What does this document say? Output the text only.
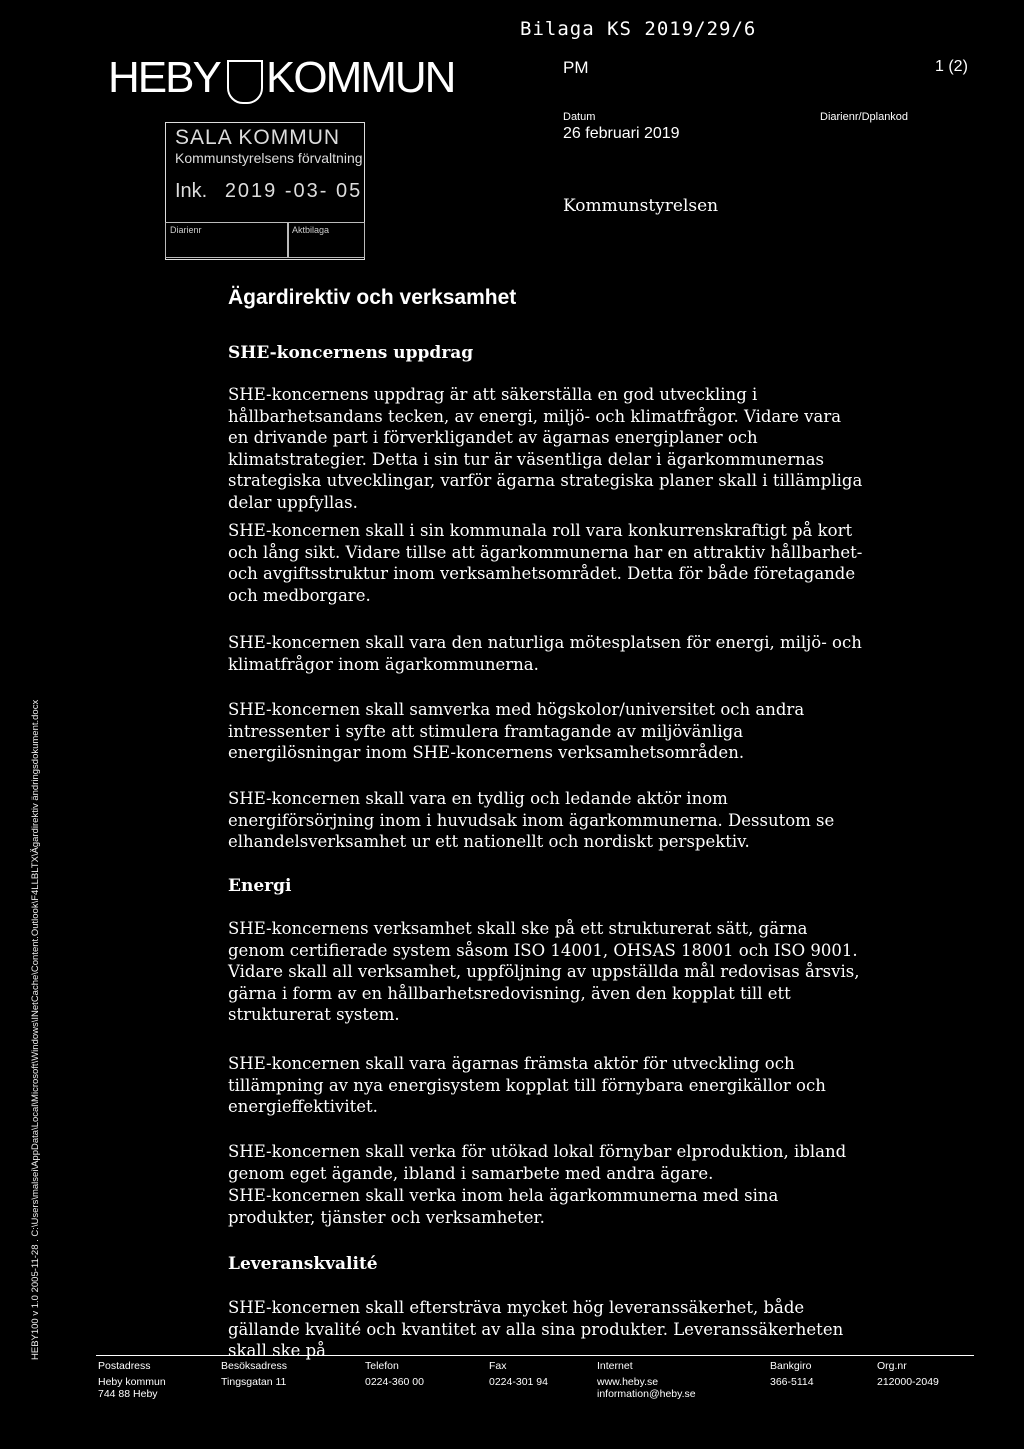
Bilaga KS 2019/29/6
HEBY KOMMUN
SALA KOMMUN
Kommunstyrelsens förvaltning
Ink. 2019 -03- 05
Diarienr	Aktbilaga
PM	1 (2)
Datum
26 februari 2019
Diarienr/Dplankod
Kommunstyrelsen
Ägardirektiv och verksamhet
SHE-koncernens uppdrag

SHE-koncernens uppdrag är att säkerställa en god utveckling i hållbarhetsandans tecken, av energi, miljö- och klimatfrågor. Vidare vara en drivande part i förverkligandet av ägarnas energiplaner och klimatstrategier. Detta i sin tur är väsentliga delar i ägarkommunernas strategiska utvecklingar, varför ägarna strategiska planer skall i tillämpliga delar uppfyllas.

SHE-koncernen skall i sin kommunala roll vara konkurrenskraftigt på kort och lång sikt. Vidare tillse att ägarkommunerna har en attraktiv hållbarhet- och avgiftsstruktur inom verksamhetsområdet. Detta för både företagande och medborgare.

SHE-koncernen skall vara den naturliga mötesplatsen för energi, miljö- och klimatfrågor inom ägarkommunerna.

SHE-koncernen skall samverka med högskolor/universitet och andra intressenter i syfte att stimulera framtagande av miljövänliga energilösningar inom SHE-koncernens verksamhetsområden.

SHE-koncernen skall vara en tydlig och ledande aktör inom energiförsörjning inom i huvudsak inom ägarkommunerna. Dessutom se elhandelsverksamhet ur ett nationellt och nordiskt perspektiv.

Energi

SHE-koncernens verksamhet skall ske på ett strukturerat sätt, gärna genom certifierade system såsom ISO 14001, OHSAS 18001 och ISO 9001. Vidare skall all verksamhet, uppföljning av uppställda mål redovisas årsvis, gärna i form av en hållbarhetsredovisning, även den kopplat till ett strukturerat system.

SHE-koncernen skall vara ägarnas främsta aktör för utveckling och tillämpning av nya energisystem kopplat till förnybara energikällor och energieffektivitet.

SHE-koncernen skall verka för utökad lokal förnybar elproduktion, ibland genom eget ägande, ibland i samarbete med andra ägare.

SHE-koncernen skall verka inom hela ägarkommunerna med sina produkter, tjänster och verksamheter.

Leveranskvalité

SHE-koncernen skall eftersträva mycket hög leveranssäkerhet, både gällande kvalité och kvantitet av alla sina produkter. Leveranssäkerheten skall ske på

HEBY100 v 1.0 2005-11-28 . C:\Users\malsei\AppData\Local\Microsoft\Windows\INetCache\Content.Outlook\F4LLBLTX\Ägardirektiv ändringsdokument.docx
Postadress
Heby kommun
744 88 Heby
Besöksadress
Tingsgatan 11
Telefon
0224-360 00
Fax
0224-301 94
Internet
www.heby.se
information@heby.se
Bankgiro
366-5114
Org.nr
212000-2049
